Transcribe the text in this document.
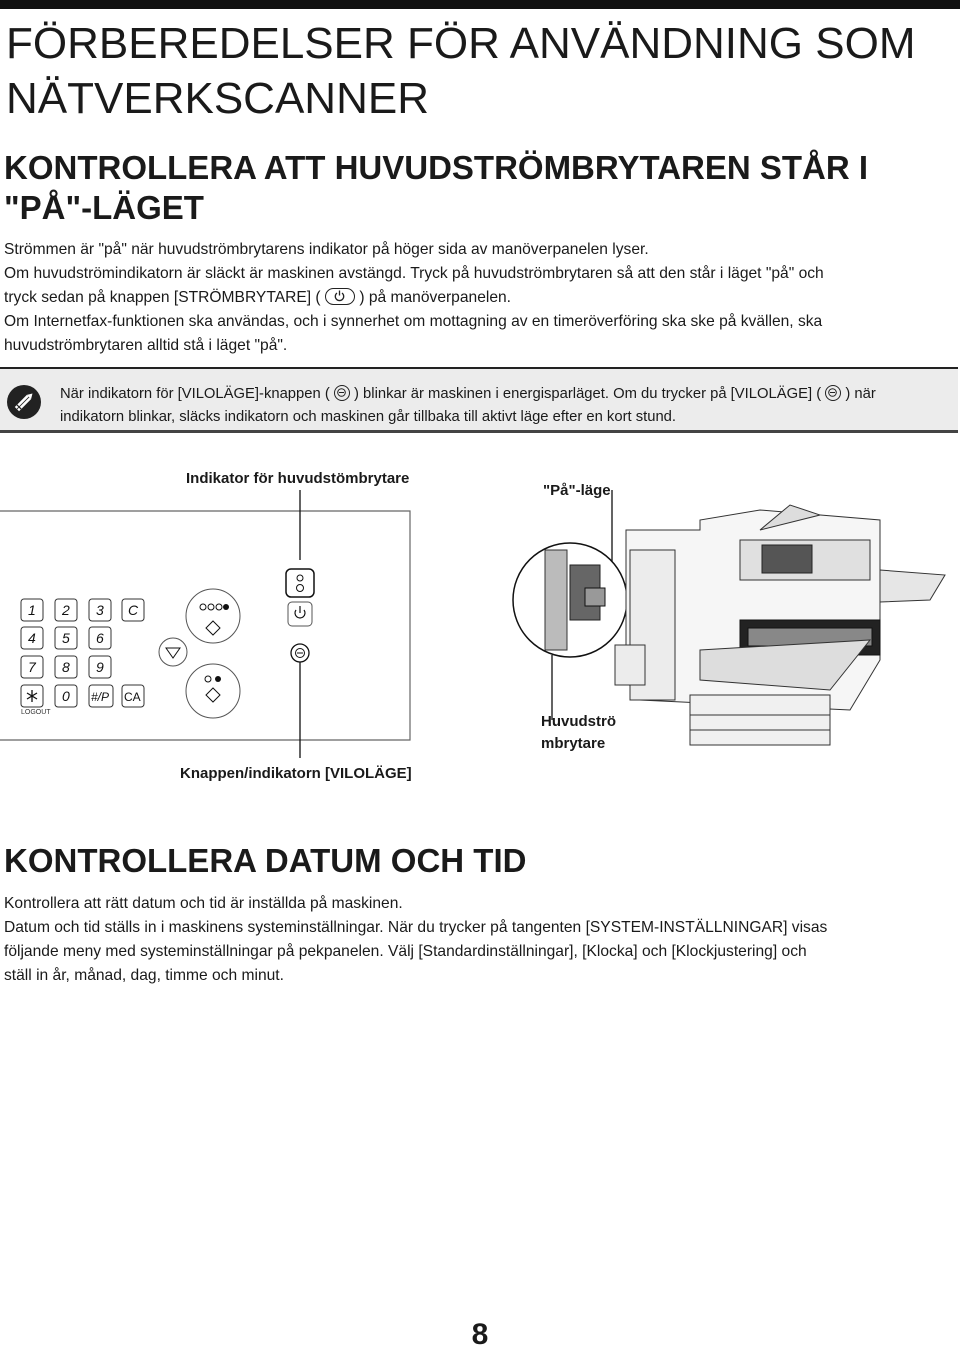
FÖRBEREDELSER FÖR ANVÄNDNING SOM NÄTVERKSCANNER
KONTROLLERA ATT HUVUDSTRÖMBRYTAREN STÅR I "PÅ"-LÄGET

Strömmen är "på" när huvudströmbrytarens indikator på höger sida av manöverpanelen lyser.

Om huvudströmindikatorn är släckt är maskinen avstängd. Tryck på huvudströmbrytaren så att den står i läget "på" och

tryck sedan på knappen [STRÖMBRYTARE] ( ) på manöverpanelen.

Om Internetfax-funktionen ska användas, och i synnerhet om mottagning av en timeröverföring ska ske på kvällen, ska

huvudströmbrytaren alltid stå i läget "på".

När indikatorn för [VILOLÄGE]-knappen ( ) blinkar är maskinen i energisparläget. Om du trycker på [VILOLÄGE] ( ) när
indikatorn blinkar, släcks indikatorn och maskinen går tillbaka till aktivt läge efter en kort stund.
Indikator för huvudstömbrytare
"På"-läge
Huvudströ
mbrytare
Knappen/indikatorn [VILOLÄGE]
1 2 3 C
4 5 6
7 8 9
0 #/P CA
LOGOUT
KONTROLLERA DATUM OCH TID

Kontrollera att rätt datum och tid är inställda på maskinen.

Datum och tid ställs in i maskinens systeminställningar. När du trycker på tangenten [SYSTEM-INSTÄLLNINGAR] visas

följande meny med systeminställningar på pekpanelen. Välj [Standardinställningar], [Klocka] och [Klockjustering] och

ställ in år, månad, dag, timme och minut.

8
